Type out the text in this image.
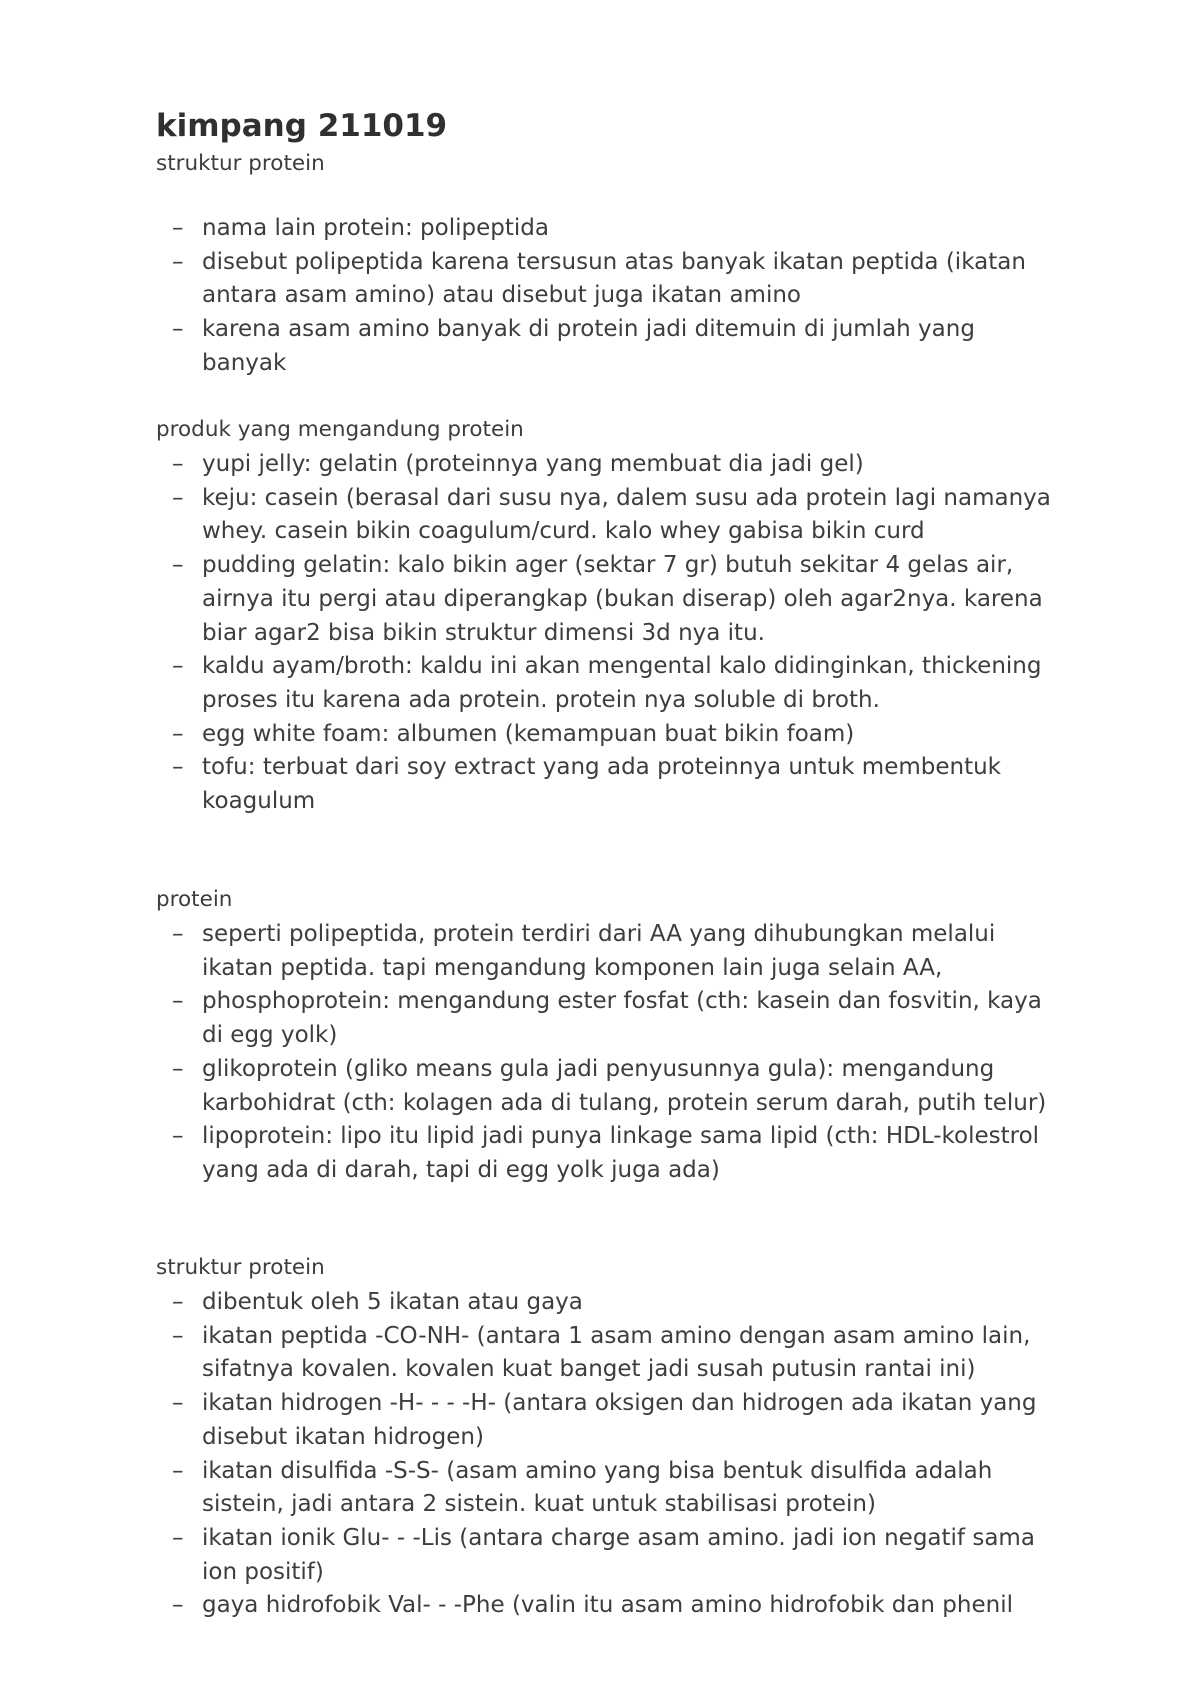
kimpang 211019
struktur protein
– nama lain protein: polipeptida
– disebut polipeptida karena tersusun atas banyak ikatan peptida (ikatan antara asam amino) atau disebut juga ikatan amino
– karena asam amino banyak di protein jadi ditemuin di jumlah yang banyak
produk yang mengandung protein
– yupi jelly: gelatin (proteinnya yang membuat dia jadi gel)
– keju: casein (berasal dari susu nya, dalem susu ada protein lagi namanya whey. casein bikin coagulum/curd. kalo whey gabisa bikin curd
– pudding gelatin: kalo bikin ager (sektar 7 gr) butuh sekitar 4 gelas air, airnya itu pergi atau diperangkap (bukan diserap) oleh agar2nya. karena biar agar2 bisa bikin struktur dimensi 3d nya itu.
– kaldu ayam/broth: kaldu ini akan mengental kalo didinginkan, thickening proses itu karena ada protein. protein nya soluble di broth.
– egg white foam: albumen (kemampuan buat bikin foam)
– tofu: terbuat dari soy extract yang ada proteinnya untuk membentuk koagulum
protein
– seperti polipeptida, protein terdiri dari AA yang dihubungkan melalui ikatan peptida. tapi mengandung komponen lain juga selain AA,
– phosphoprotein: mengandung ester fosfat (cth: kasein dan fosvitin, kaya di egg yolk)
– glikoprotein (gliko means gula jadi penyusunnya gula): mengandung karbohidrat (cth: kolagen ada di tulang, protein serum darah, putih telur)
– lipoprotein: lipo itu lipid jadi punya linkage sama lipid (cth: HDL-kolestrol yang ada di darah, tapi di egg yolk juga ada)
struktur protein
– dibentuk oleh 5 ikatan atau gaya
– ikatan peptida -CO-NH- (antara 1 asam amino dengan asam amino lain, sifatnya kovalen. kovalen kuat banget jadi susah putusin rantai ini)
– ikatan hidrogen -H- - - -H- (antara oksigen dan hidrogen ada ikatan yang disebut ikatan hidrogen)
– ikatan disulfida -S-S- (asam amino yang bisa bentuk disulfida adalah sistein, jadi antara 2 sistein. kuat untuk stabilisasi protein)
– ikatan ionik Glu- - -Lis (antara charge asam amino. jadi ion negatif sama ion positif)
– gaya hidrofobik Val- - -Phe (valin itu asam amino hidrofobik dan phenil
